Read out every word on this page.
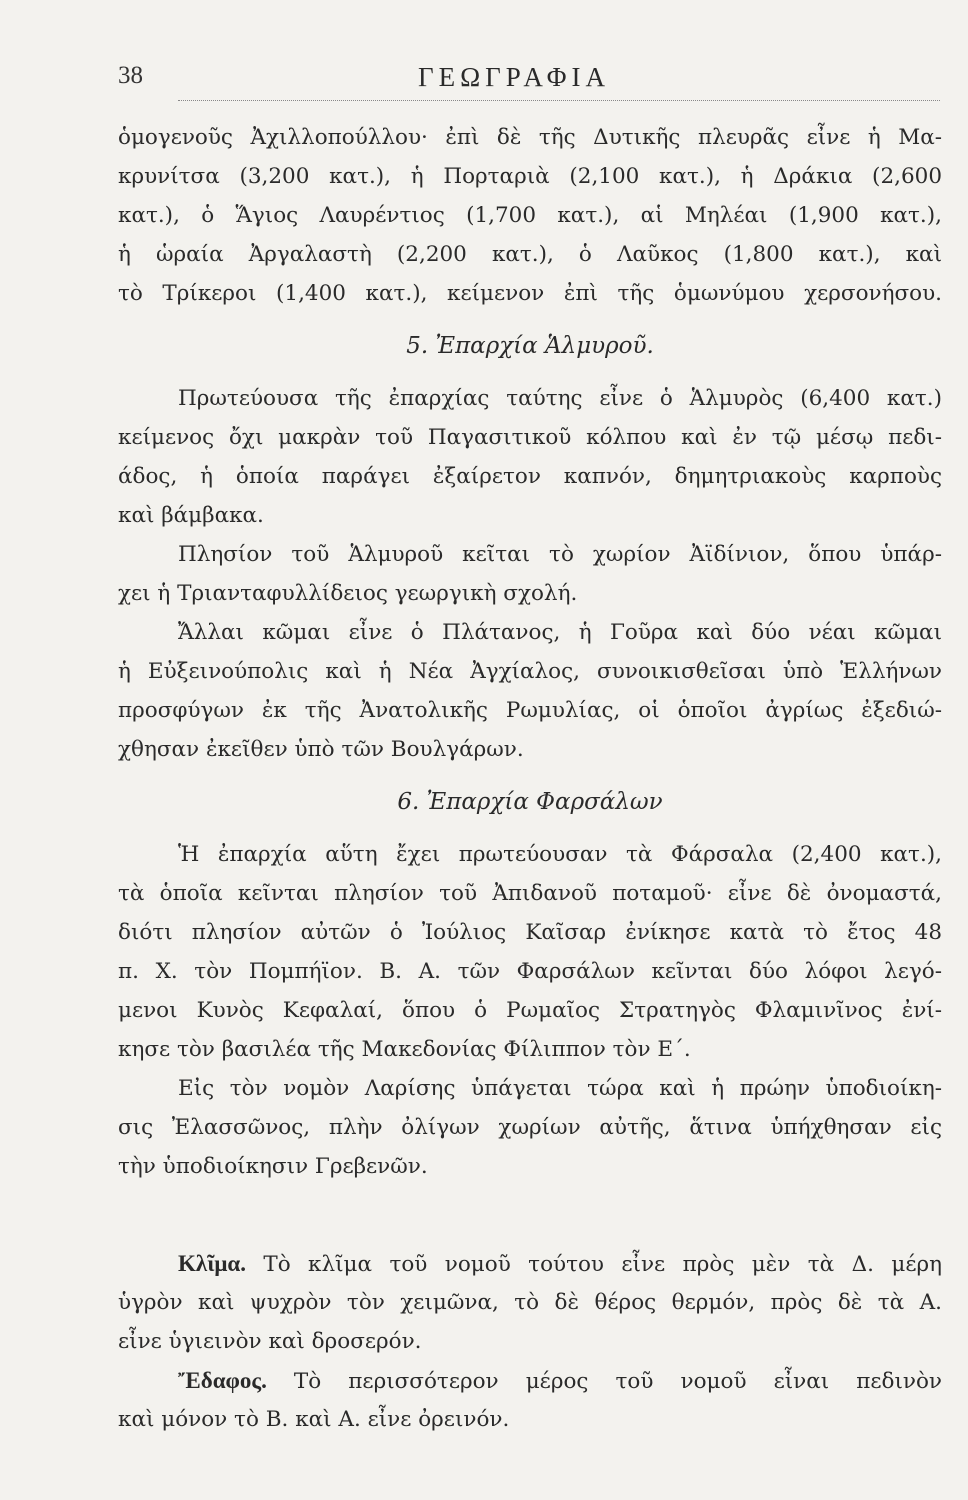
38	ΓΕΩΓΡΑΦΙΑ
ὁμογενοῦς Ἀχιλλοπούλλου· ἐπὶ δὲ τῆς Δυτικῆς πλευρᾶς εἶνε ἡ Μα-
κρυνίτσα (3,200 κατ.), ἡ Πορταριὰ (2,100 κατ.), ἡ Δράκια (2,600
κατ.), ὁ Ἅγιος Λαυρέντιος (1,700 κατ.), αἱ Μηλέαι (1,900 κατ.),
ἡ ὡραία Ἀργαλαστὴ (2,200 κατ.), ὁ Λαῦκος (1,800 κατ.), καὶ
τὸ Τρίκεροι (1,400 κατ.), κείμενον ἐπὶ τῆς ὁμωνύμου χερσονήσου.
5. Ἐπαρχία Ἁλμυροῦ.
Πρωτεύουσα τῆς ἐπαρχίας ταύτης εἶνε ὁ Ἁλμυρὸς (6,400 κατ.)
κείμενος ὄχι μακρὰν τοῦ Παγασιτικοῦ κόλπου καὶ ἐν τῷ μέσῳ πεδι-
άδος, ἡ ὁποία παράγει ἐξαίρετον καπνόν, δημητριακοὺς καρποὺς
καὶ βάμβακα.
Πλησίον τοῦ Ἁλμυροῦ κεῖται τὸ χωρίον Ἀϊδίνιον, ὅπου ὑπάρ-
χει ἡ Τριανταφυλλίδειος γεωργικὴ σχολή.
Ἄλλαι κῶμαι εἶνε ὁ Πλάτανος, ἡ Γοῦρα καὶ δύο νέαι κῶμαι
ἡ Εὐξεινούπολις καὶ ἡ Νέα Ἀγχίαλος, συνοικισθεῖσαι ὑπὸ Ἑλλήνων
προσφύγων ἐκ τῆς Ἀνατολικῆς Ρωμυλίας, οἱ ὁποῖοι ἀγρίως ἐξεδιώ-
χθησαν ἐκεῖθεν ὑπὸ τῶν Βουλγάρων.
6. Ἐπαρχία Φαρσάλων
Ἡ ἐπαρχία αὕτη ἔχει πρωτεύουσαν τὰ Φάρσαλα (2,400 κατ.),
τὰ ὁποῖα κεῖνται πλησίον τοῦ Ἀπιδανοῦ ποταμοῦ· εἶνε δὲ ὀνομαστά,
διότι πλησίον αὐτῶν ὁ Ἰούλιος Καῖσαρ ἐνίκησε κατὰ τὸ ἔτος 48
π. Χ. τὸν Πομπήϊον. Β. Α. τῶν Φαρσάλων κεῖνται δύο λόφοι λεγό-
μενοι Κυνὸς Κεφαλαί, ὅπου ὁ Ρωμαῖος Στρατηγὸς Φλαμινῖνος ἐνί-
κησε τὸν βασιλέα τῆς Μακεδονίας Φίλιππον τὸν Ε΄.
Εἰς τὸν νομὸν Λαρίσης ὑπάγεται τώρα καὶ ἡ πρώην ὑποδιοίκη-
σις Ἐλασσῶνος, πλὴν ὀλίγων χωρίων αὐτῆς, ἅτινα ὑπήχθησαν εἰς
τὴν ὑποδιοίκησιν Γρεβενῶν.
Κλῖμα. Τὸ κλῖμα τοῦ νομοῦ τούτου εἶνε πρὸς μὲν τὰ Δ. μέρη
ὑγρὸν καὶ ψυχρὸν τὸν χειμῶνα, τὸ δὲ θέρος θερμόν, πρὸς δὲ τὰ Α.
εἶνε ὑγιεινὸν καὶ δροσερόν.
Ἔδαφος. Τὸ περισσότερον μέρος τοῦ νομοῦ εἶναι πεδινὸν
καὶ μόνον τὸ Β. καὶ Α. εἶνε ὀρεινόν.
